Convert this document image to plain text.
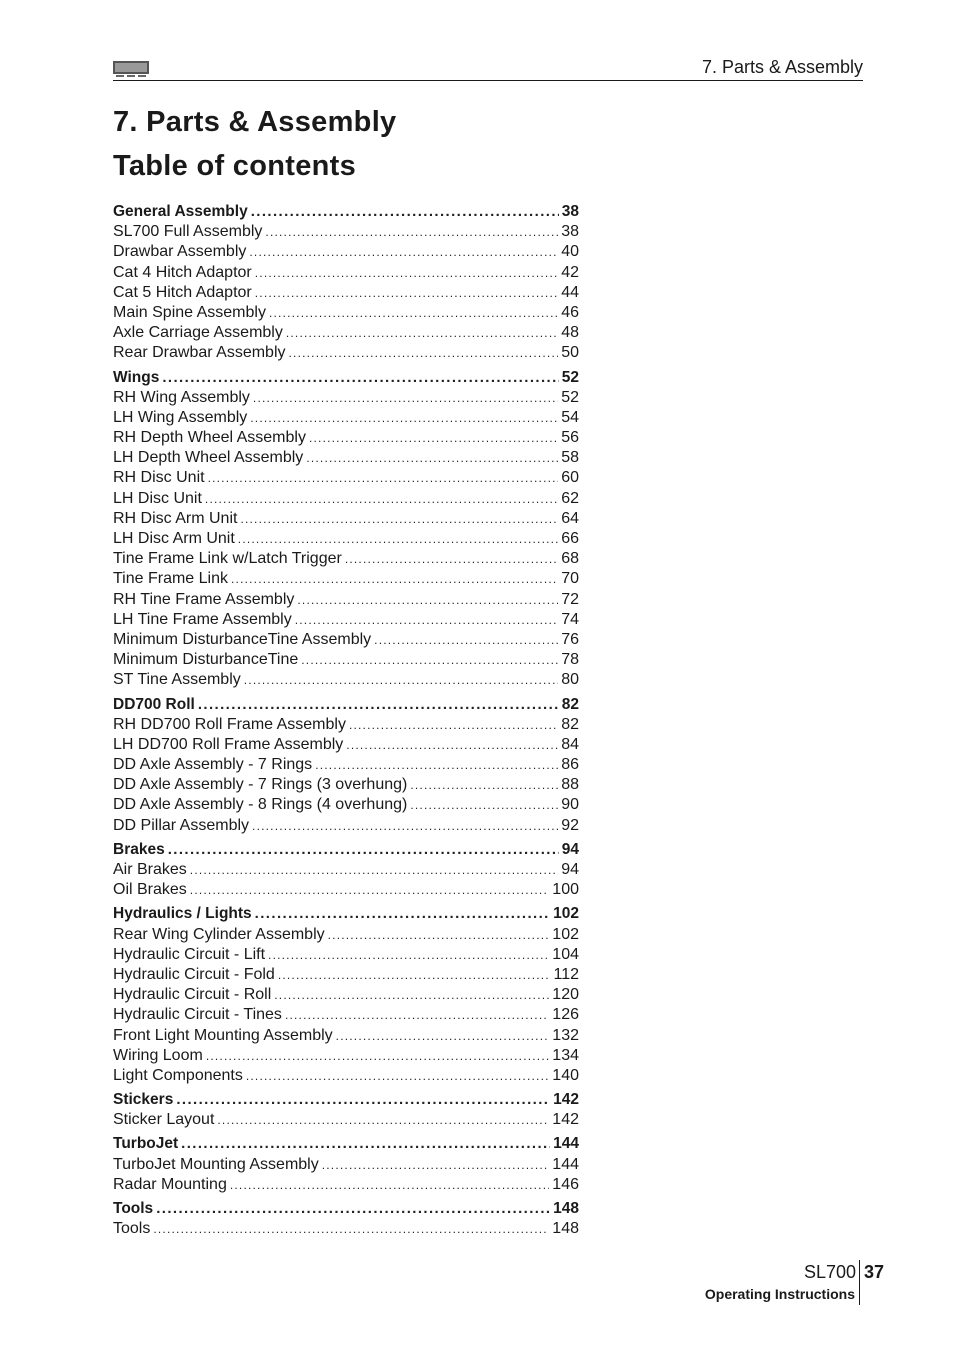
7. Parts & Assembly
7. Parts & Assembly
Table of contents
General Assembly .....	38
SL700 Full Assembly .....	38
Drawbar Assembly .....	40
Cat 4 Hitch Adaptor .....	42
Cat 5 Hitch Adaptor .....	44
Main Spine Assembly .....	46
Axle Carriage Assembly .....	48
Rear Drawbar Assembly .....	50
Wings .....	52
RH Wing Assembly .....	52
LH Wing Assembly .....	54
RH Depth Wheel Assembly .....	56
LH Depth Wheel Assembly .....	58
RH Disc Unit .....	60
LH Disc Unit .....	62
RH Disc Arm Unit .....	64
LH Disc Arm Unit .....	66
Tine Frame Link w/Latch Trigger .....	68
Tine Frame Link .....	70
RH Tine Frame Assembly .....	72
LH Tine Frame Assembly .....	74
Minimum DisturbanceTine Assembly .....	76
Minimum DisturbanceTine .....	78
ST Tine Assembly .....	80
DD700 Roll .....	82
RH DD700 Roll Frame Assembly .....	82
LH DD700 Roll Frame Assembly .....	84
DD Axle Assembly - 7 Rings .....	86
DD Axle Assembly - 7 Rings (3 overhung) .....	88
DD Axle Assembly - 8 Rings (4 overhung) .....	90
DD Pillar Assembly .....	92
Brakes .....	94
Air Brakes .....	94
Oil Brakes .....	100
Hydraulics / Lights .....	102
Rear Wing Cylinder Assembly .....	102
Hydraulic Circuit - Lift .....	104
Hydraulic Circuit - Fold .....	112
Hydraulic Circuit - Roll .....	120
Hydraulic Circuit - Tines .....	126
Front Light Mounting Assembly .....	132
Wiring Loom .....	134
Light Components .....	140
Stickers .....	142
Sticker Layout .....	142
TurboJet .....	144
TurboJet Mounting Assembly .....	144
Radar Mounting .....	146
Tools .....	148
Tools .....	148
SL700 37
Operating Instructions
